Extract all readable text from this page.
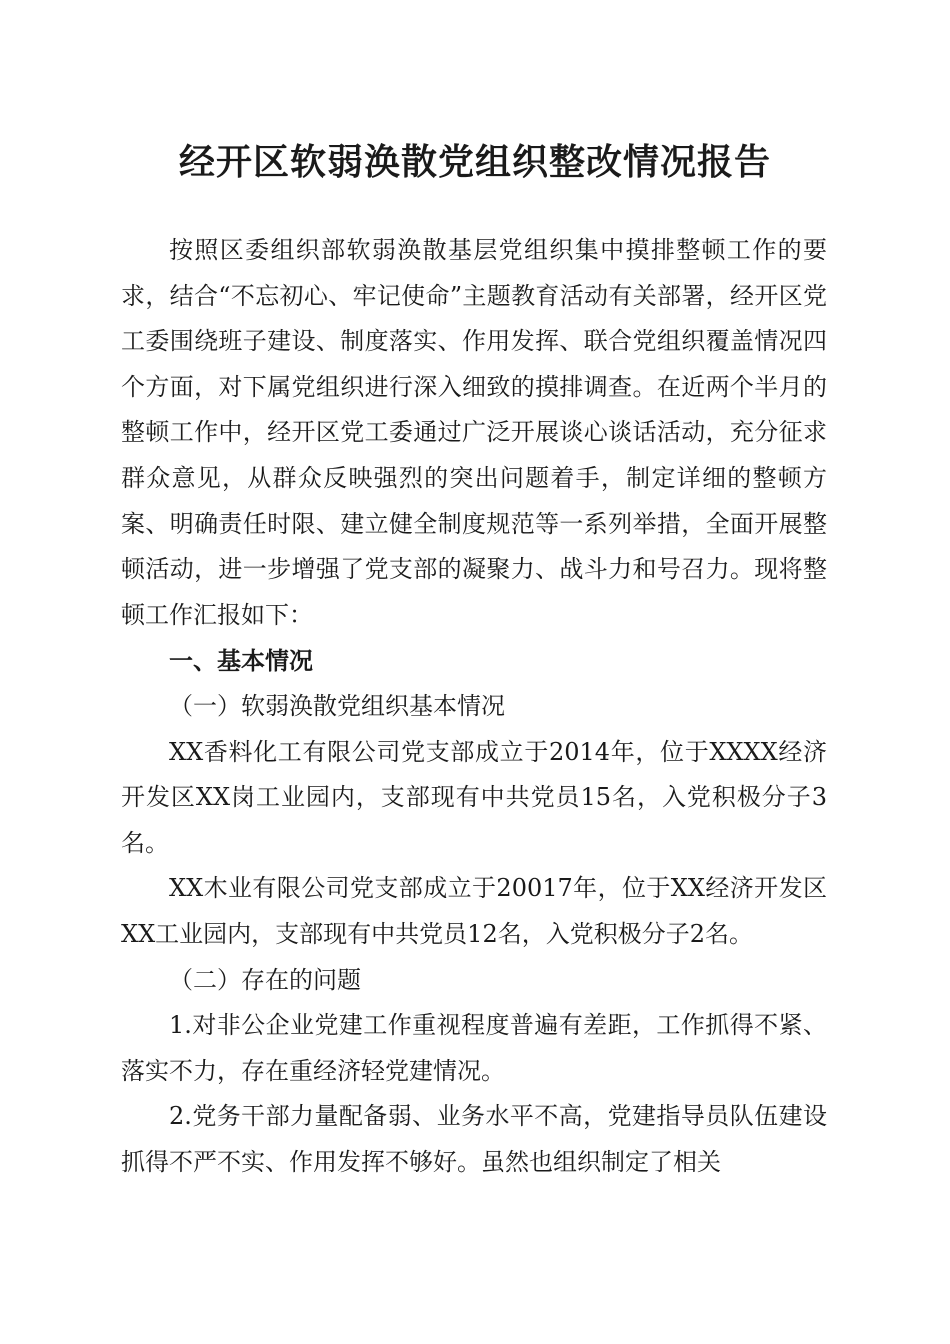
经开区软弱涣散党组织整改情况报告

按照区委组织部软弱涣散基层党组织集中摸排整顿工作的要求，结合“不忘初心、牢记使命”主题教育活动有关部署，经开区党工委围绕班子建设、制度落实、作用发挥、联合党组织覆盖情况四个方面，对下属党组织进行深入细致的摸排调查。在近两个半月的整顿工作中，经开区党工委通过广泛开展谈心谈话活动，充分征求群众意见，从群众反映强烈的突出问题着手，制定详细的整顿方案、明确责任时限、建立健全制度规范等一系列举措，全面开展整顿活动，进一步增强了党支部的凝聚力、战斗力和号召力。现将整顿工作汇报如下：

一、基本情况

（一）软弱涣散党组织基本情况

XX香料化工有限公司党支部成立于2014年，位于XXXX经济开发区XX岗工业园内，支部现有中共党员15名，入党积极分子3名。

XX木业有限公司党支部成立于20017年，位于XX经济开发区XX工业园内，支部现有中共党员12名，入党积极分子2名。

（二）存在的问题

1.对非公企业党建工作重视程度普遍有差距，工作抓得不紧、落实不力，存在重经济轻党建情况。

2.党务干部力量配备弱、业务水平不高，党建指导员队伍建设抓得不严不实、作用发挥不够好。虽然也组织制定了相关
